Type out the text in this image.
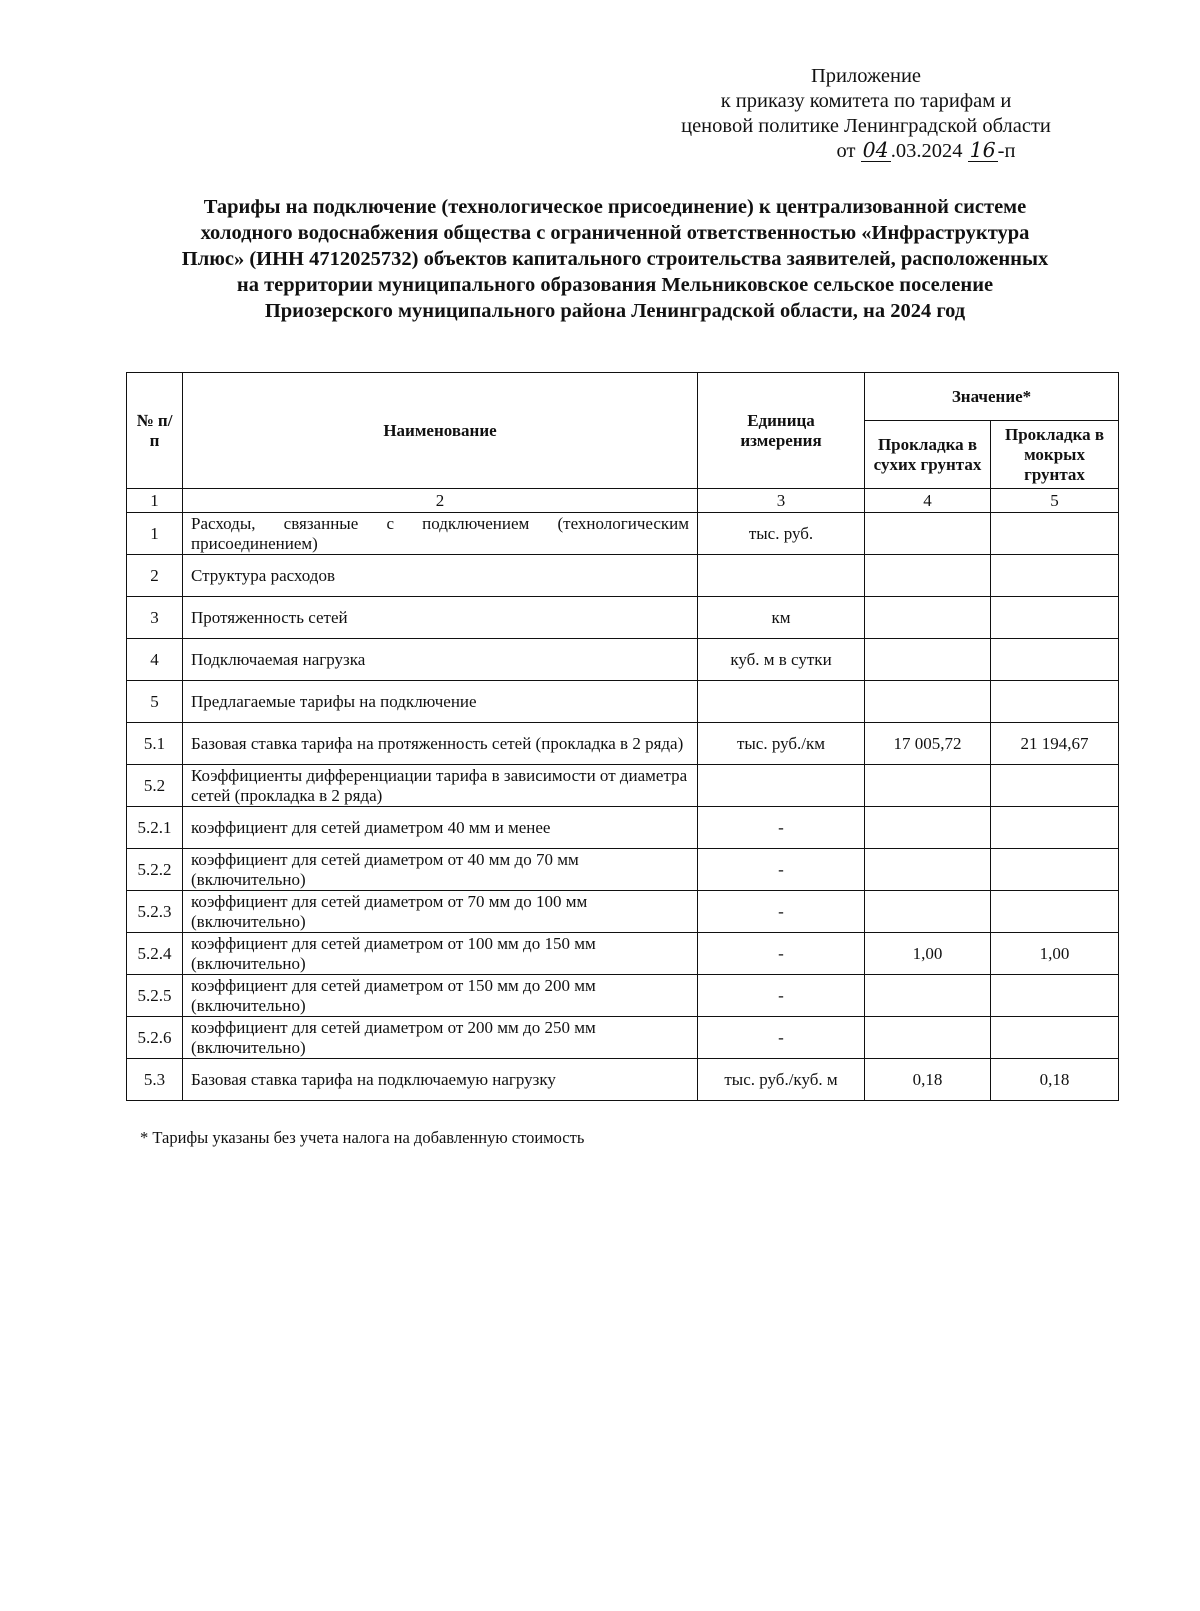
Приложение
к приказу комитета по тарифам и
ценовой политике Ленинградской области
от 04.03.2024 16-п
Тарифы на подключение (технологическое присоединение) к централизованной системе
холодного водоснабжения общества с ограниченной ответственностью «Инфраструктура
Плюс» (ИНН 4712025732) объектов капитального строительства заявителей, расположенных
на территории муниципального образования Мельниковское сельское поселение
Приозерского муниципального района Ленинградской области, на 2024 год
№ п/п	Наименование	Единица измерения	Значение*	
			Прокладка в сухих грунтах	Прокладка в мокрых грунтах
1	2	3	4	5
1	Расходы, связанные с подключением (технологическим присоединением)	тыс. руб.		
2	Структура расходов			
3	Протяженность сетей	км		
4	Подключаемая нагрузка	куб. м в сутки		
5	Предлагаемые тарифы на подключение			
5.1	Базовая ставка тарифа на протяженность сетей (прокладка в 2 ряда)	тыс. руб./км	17 005,72	21 194,67
5.2	Коэффициенты дифференциации тарифа в зависимости от диаметра сетей (прокладка в 2 ряда)			
5.2.1	коэффициент для сетей диаметром 40 мм и менее	-		
5.2.2	коэффициент для сетей диаметром от 40 мм до 70 мм (включительно)	-		
5.2.3	коэффициент для сетей диаметром от 70 мм до 100 мм (включительно)	-		
5.2.4	коэффициент для сетей диаметром от 100 мм до 150 мм (включительно)	-	1,00	1,00
5.2.5	коэффициент для сетей диаметром от 150 мм до 200 мм (включительно)	-		
5.2.6	коэффициент для сетей диаметром от 200 мм до 250 мм (включительно)	-		
5.3	Базовая ставка тарифа на подключаемую нагрузку	тыс. руб./куб. м	0,18	0,18
* Тарифы указаны без учета налога на добавленную стоимость
